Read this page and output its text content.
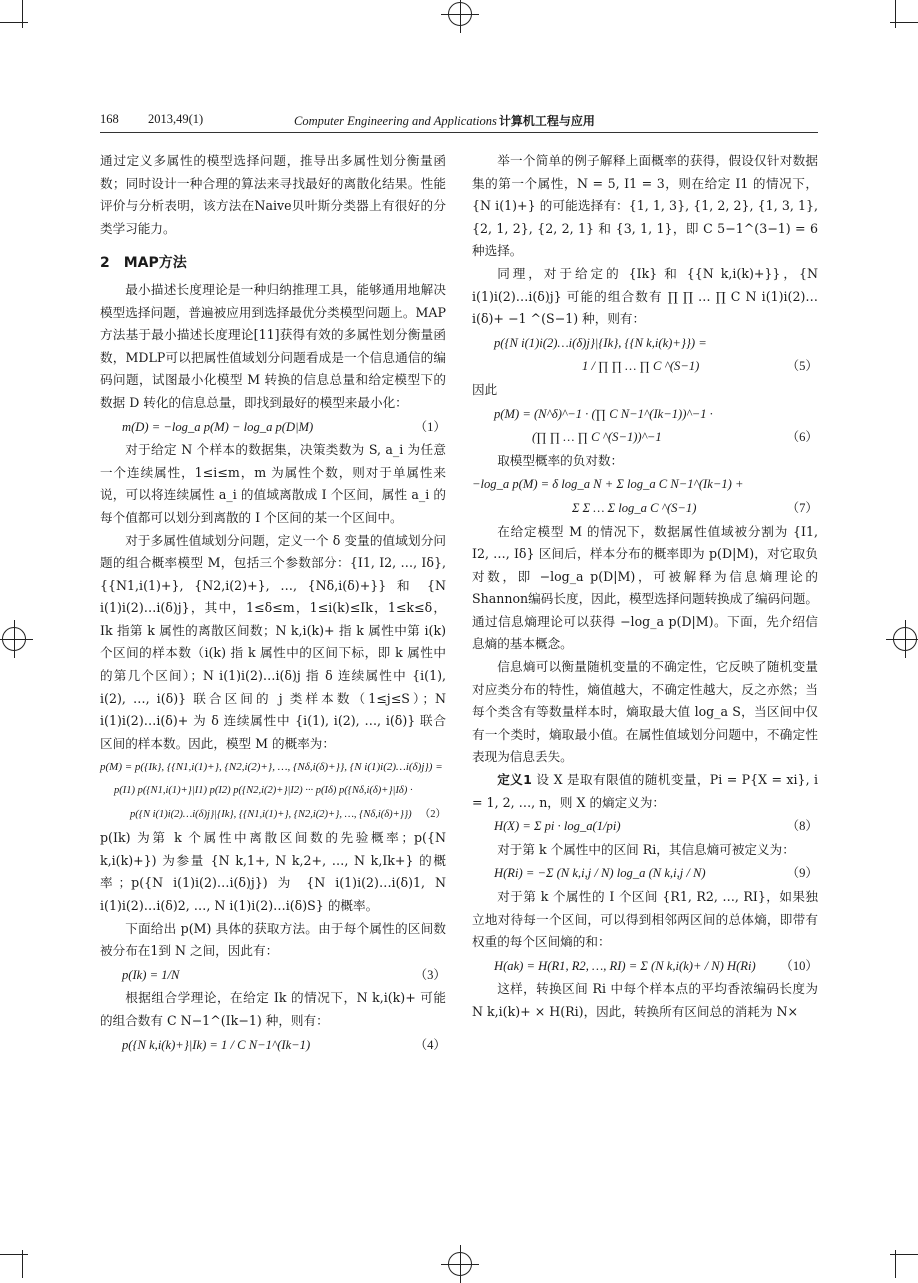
168 2013,49(1)	Computer Engineering and Applications 计算机工程与应用

通过定义多属性的模型选择问题，推导出多属性划分衡量函数；同时设计一种合理的算法来寻找最好的离散化结果。性能评价与分析表明，该方法在Naive贝叶斯分类器上有很好的分类学习能力。

2 MAP方法

最小描述长度理论是一种归纳推理工具，能够通用地解决模型选择问题，普遍被应用到选择最优分类模型问题上。MAP方法基于最小描述长度理论[11]获得有效的多属性划分衡量函数，MDLP可以把属性值域划分问题看成是一个信息通信的编码问题，试图最小化模型 M 转换的信息总量和给定模型下的数据 D 转化的信息总量，即找到最好的模型来最小化：

m(D) = −log_a p(M) − log_a p(D|M)	（1）

对于给定 N 个样本的数据集，决策类数为 S, a_i 为任意一个连续属性，1≤i≤m，m 为属性个数，则对于单属性来说，可以将连续属性 a_i 的值域离散成 I 个区间，属性 a_i 的每个值都可以划分到离散的 I 个区间的某一个区间中。

对于多属性值域划分问题，定义一个 δ 变量的值域划分问题的组合概率模型 M，包括三个参数部分：{I1, I2, …, Iδ}, {{N1,i(1)+}, {N2,i(2)+}, …, {Nδ,i(δ)+}} 和 {N i(1)i(2)…i(δ)j}，其中，1≤δ≤m，1≤i(k)≤Ik，1≤k≤δ，Ik 指第 k 属性的离散区间数；N k,i(k)+ 指 k 属性中第 i(k) 个区间的样本数（i(k) 指 k 属性中的区间下标，即 k 属性中的第几个区间）；N i(1)i(2)…i(δ)j 指 δ 连续属性中 {i(1), i(2), …, i(δ)} 联合区间的 j 类样本数（1≤j≤S）；N i(1)i(2)…i(δ)+ 为 δ 连续属性中 {i(1), i(2), …, i(δ)} 联合区间的样本数。因此，模型 M 的概率为：

p(M) = p({Ik}, {{N1,i(1)+}, {N2,i(2)+}, …, {Nδ,i(δ)+}}, {N i(1)i(2)…i(δ)j}) =
p(I1) p({N1,i(1)+}|I1) p(I2) p({N2,i(2)+}|I2) ··· p(Iδ) p({Nδ,i(δ)+}|Iδ) ·
p({N i(1)i(2)…i(δ)j}|{Ik}, {{N1,i(1)+}, {N2,i(2)+}, …, {Nδ,i(δ)+}}) （2）

p(Ik) 为第 k 个属性中离散区间数的先验概率；p({N k,i(k)+}) 为参量 {N k,1+, N k,2+, …, N k,Ik+} 的概率；p({N i(1)i(2)…i(δ)j}) 为 {N i(1)i(2)…i(δ)1, N i(1)i(2)…i(δ)2, …, N i(1)i(2)…i(δ)S} 的概率。

下面给出 p(M) 具体的获取方法。由于每个属性的区间数被分布在1到 N 之间，因此有：

p(Ik) = 1/N	（3）

根据组合学理论，在给定 Ik 的情况下，N k,i(k)+ 可能的组合数有 C N−1^(Ik−1) 种，则有：

p({N k,i(k)+}|Ik) = 1 / C N−1^(Ik−1)	（4）

举一个简单的例子解释上面概率的获得，假设仅针对数据集的第一个属性，N = 5, I1 = 3，则在给定 I1 的情况下，{N i(1)+} 的可能选择有：{1, 1, 3}, {1, 2, 2}, {1, 3, 1}, {2, 1, 2}, {2, 2, 1} 和 {3, 1, 1}，即 C 5−1^(3−1) = 6 种选择。

同理，对于给定的 {Ik} 和 {{N k,i(k)+}}，{N i(1)i(2)…i(δ)j} 可能的组合数有 ∏ ∏ … ∏ C N i(1)i(2)…i(δ)+ −1 ^(S−1) 种，则有：

p({N i(1)i(2)…i(δ)j}|{Ik}, {{N k,i(k)+}}) =
1 / ∏ ∏ … ∏ C ^(S−1)	（5）

因此

p(M) = (N^δ)^−1 · (∏ C N−1^(Ik−1))^−1 ·
(∏ ∏ … ∏ C ^(S−1))^−1	（6）

取模型概率的负对数：

−log_a p(M) = δ log_a N + Σ log_a C N−1^(Ik−1) +
Σ Σ … Σ log_a C ^(S−1)	（7）

在给定模型 M 的情况下，数据属性值域被分割为 {I1, I2, …, Iδ} 区间后，样本分布的概率即为 p(D|M)，对它取负对数，即 −log_a p(D|M)，可被解释为信息熵理论的Shannon编码长度，因此，模型选择问题转换成了编码问题。通过信息熵理论可以获得 −log_a p(D|M)。下面，先介绍信息熵的基本概念。

信息熵可以衡量随机变量的不确定性，它反映了随机变量对应类分布的特性，熵值越大，不确定性越大，反之亦然；当每个类含有等数量样本时，熵取最大值 log_a S，当区间中仅有一个类时，熵取最小值。在属性值域划分问题中，不确定性表现为信息丢失。

定义1 设 X 是取有限值的随机变量，Pi = P{X = xi}, i = 1, 2, …, n，则 X 的熵定义为：

H(X) = Σ pi · log_a(1/pi)	（8）

对于第 k 个属性中的区间 Ri，其信息熵可被定义为：

H(Ri) = −Σ (N k,i,j / N) log_a (N k,i,j / N)	（9）

对于第 k 个属性的 I 个区间 {R1, R2, …, RI}，如果独立地对待每一个区间，可以得到相邻两区间的总体熵，即带有权重的每个区间熵的和：

H(ak) = H(R1, R2, …, RI) = Σ (N k,i(k)+ / N) H(Ri) （10）

这样，转换区间 Ri 中每个样本点的平均香浓编码长度为 N k,i(k)+ × H(Ri)，因此，转换所有区间总的消耗为 N×
